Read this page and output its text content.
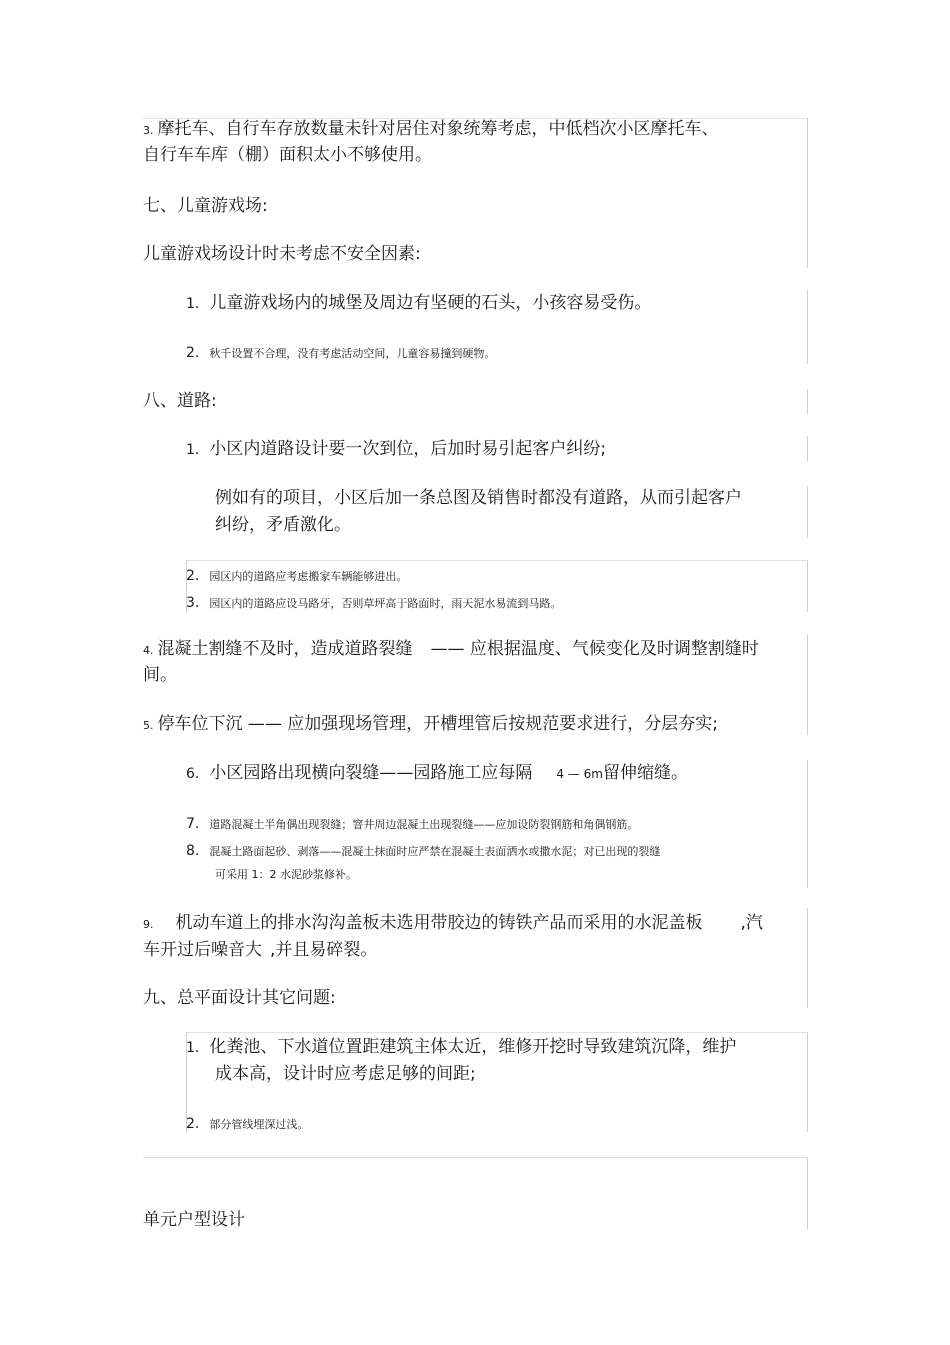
3. 摩托车、自行车存放数量未针对居住对象统筹考虑，中低档次小区摩托车、
自行车车库（棚）面积太小不够使用。
七、儿童游戏场:
儿童游戏场设计时未考虑不安全因素:
1. 儿童游戏场内的城堡及周边有坚硬的石头，小孩容易受伤。
2. 秋千设置不合理，没有考虑活动空间，儿童容易撞到硬物。
八、道路:
1. 小区内道路设计要一次到位，后加时易引起客户纠纷;
例如有的项目，小区后加一条总图及销售时都没有道路，从而引起客户
纠纷，矛盾激化。
2. 园区内的道路应考虑搬家车辆能够进出。
3. 园区内的道路应设马路牙，否则草坪高于路面时，雨天泥水易流到马路。
4. 混凝土割缝不及时，造成道路裂缝 —— 应根据温度、气候变化及时调整割缝时
间。
5. 停车位下沉 —— 应加强现场管理，开槽埋管后按规范要求进行，分层夯实;
6. 小区园路出现横向裂缝——园路施工应每隔 4 — 6m留伸缩缝。
7. 道路混凝土半角偶出现裂缝；窨井周边混凝土出现裂缝——应加设防裂钢筋和角偶钢筋。
8. 混凝土路面起砂、剥落——混凝土抹面时应严禁在混凝土表面洒水或撒水泥；对已出现的裂缝
可采用 1：2 水泥砂浆修补。
9. 机动车道上的排水沟沟盖板未选用带胶边的铸铁产品而采用的水泥盖板 ,汽
车开过后噪音大 ,并且易碎裂。
九、总平面设计其它问题:
1. 化粪池、下水道位置距建筑主体太近，维修开挖时导致建筑沉降，维护
成本高，设计时应考虑足够的间距;
2. 部分管线埋深过浅。
单元户型设计
